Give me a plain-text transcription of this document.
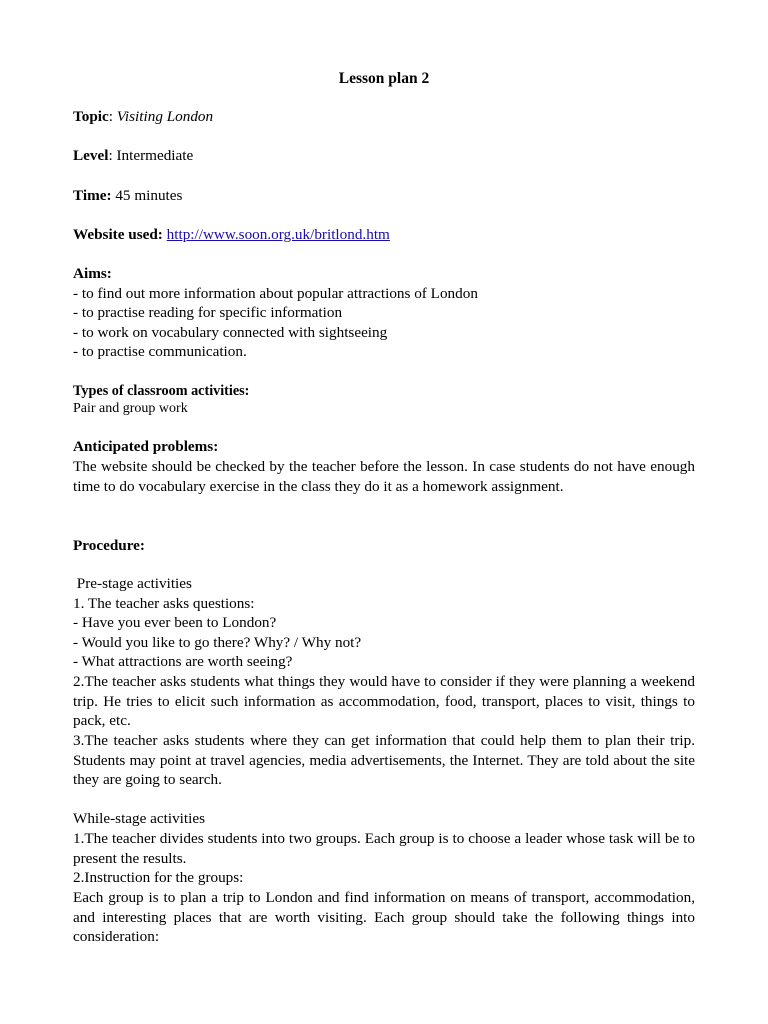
Lesson plan 2
Topic: Visiting London
Level: Intermediate
Time: 45 minutes
Website used: http://www.soon.org.uk/britlond.htm
Aims:
- to find out more information about popular attractions of London
- to practise reading for specific information
- to work on vocabulary connected with sightseeing
- to practise communication.
Types of classroom activities:
Pair and group work
Anticipated problems:
The website should be checked by the teacher before the lesson. In case students do not have enough time to do vocabulary exercise in the class they do it as a homework assignment.
Procedure:
Pre-stage activities
1. The teacher asks questions:
- Have you ever been to London?
- Would you like to go there? Why? / Why not?
- What attractions are worth seeing?
2.The teacher asks students what things they would have to consider if they were planning a weekend trip. He tries to elicit such information as accommodation, food, transport, places to visit, things to pack, etc.
3.The teacher asks students where they can get information that could help them to plan their trip. Students may point at travel agencies, media advertisements, the Internet. They are told about the site they are going to search.
While-stage activities
1.The teacher divides students into two groups. Each group is to choose a leader whose task will be to present the results.
2.Instruction for the groups:
Each group is to plan a trip to London and find information on means of transport, accommodation, and interesting places that are worth visiting. Each group should take the following things into consideration:
